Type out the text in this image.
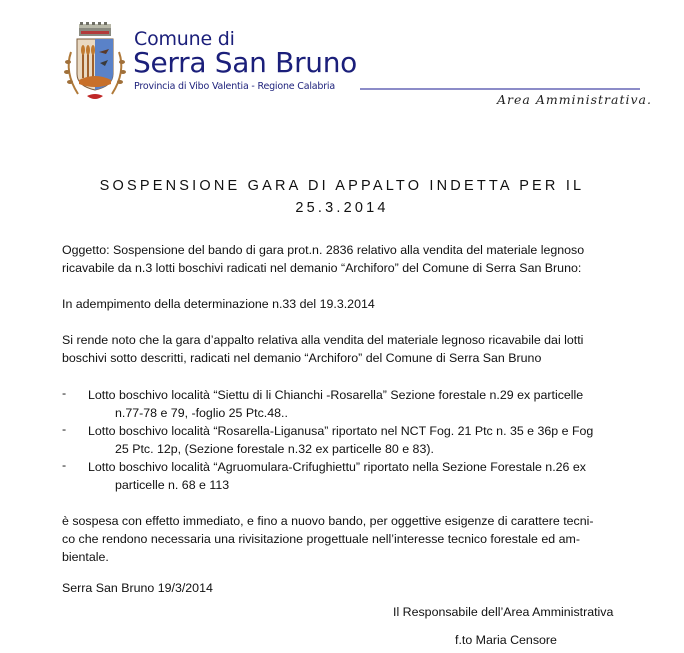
Comune di
Serra San Bruno
Provincia di Vibo Valentia - Regione Calabria
Area Amministrativa.
SOSPENSIONE GARA DI APPALTO INDETTA PER IL
25.3.2014
Oggetto: Sospensione del bando di gara prot.n. 2836 relativo alla vendita del materiale legnoso
ricavabile da n.3 lotti boschivi radicati nel demanio “Archiforo” del Comune di Serra San Bruno:
In adempimento della determinazione n.33 del 19.3.2014
Si rende noto che la gara d’appalto relativa alla vendita del materiale legnoso ricavabile dai lotti
boschivi sotto descritti, radicati nel demanio “Archiforo” del Comune di Serra San Bruno
- Lotto boschivo località “Siettu di li Chianchi -Rosarella” Sezione forestale n.29 ex particelle
n.77-78 e 79, -foglio 25 Ptc.48..
- Lotto boschivo località “Rosarella-Liganusa” riportato nel NCT Fog. 21 Ptc n. 35 e 36p e Fog
25 Ptc. 12p, (Sezione forestale n.32 ex particelle 80 e 83).
- Lotto boschivo località “Agruomulara-Crifughiettu” riportato nella Sezione Forestale n.26 ex
particelle n. 68 e 113
è sospesa con effetto immediato, e fino a nuovo bando, per oggettive esigenze di carattere tecni-
co che rendono necessaria una rivisitazione progettuale nell’interesse tecnico forestale ed am-
bientale.
Serra San Bruno 19/3/2014
Il Responsabile dell’Area Amministrativa
f.to Maria Censore
